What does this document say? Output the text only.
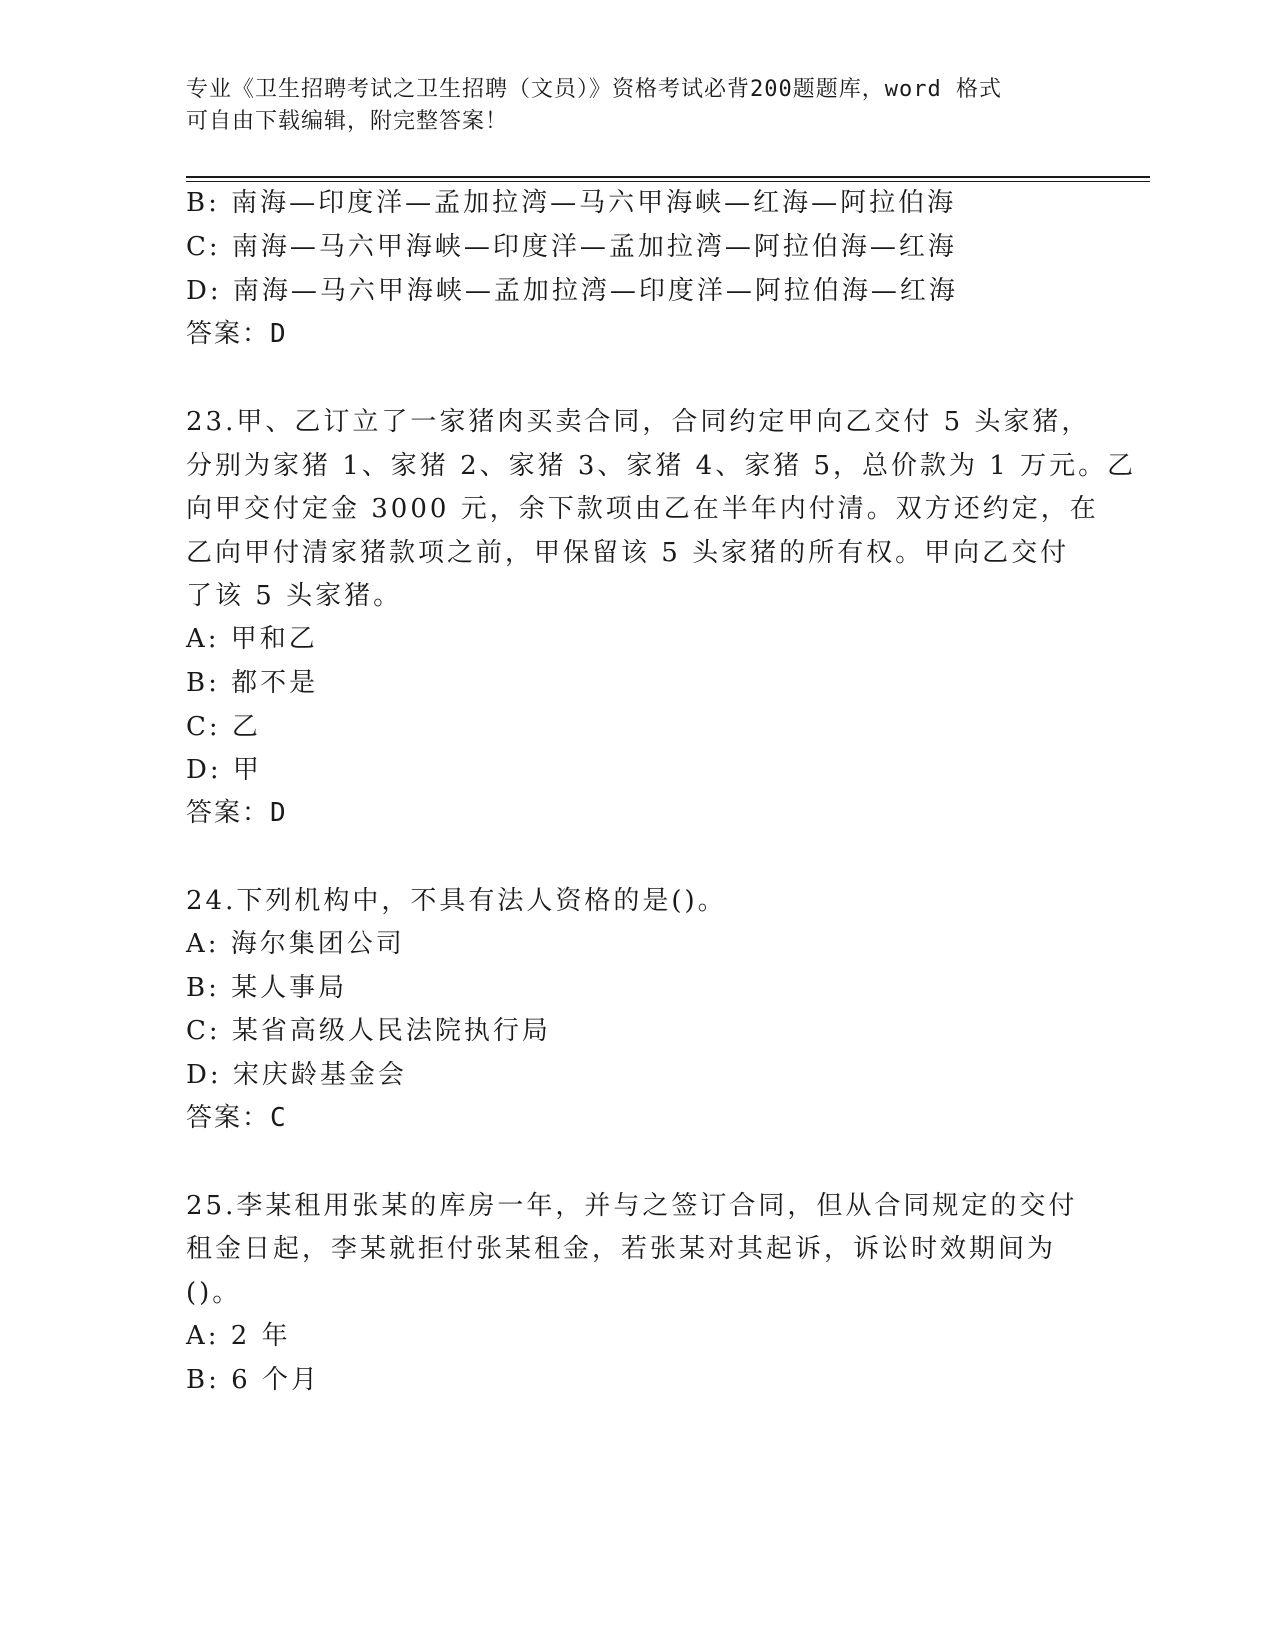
专业《卫生招聘考试之卫生招聘（文员）》资格考试必背200题题库，word 格式
可自由下载编辑，附完整答案！
B: 南海—印度洋—孟加拉湾—马六甲海峡—红海—阿拉伯海
C: 南海—马六甲海峡—印度洋—孟加拉湾—阿拉伯海—红海
D: 南海—马六甲海峡—孟加拉湾—印度洋—阿拉伯海—红海
答案：D
23.甲、乙订立了一家猪肉买卖合同，合同约定甲向乙交付 5 头家猪，
分别为家猪 1、家猪 2、家猪 3、家猪 4、家猪 5，总价款为 1 万元。乙
向甲交付定金 3000 元，余下款项由乙在半年内付清。双方还约定，在
乙向甲付清家猪款项之前，甲保留该 5 头家猪的所有权。甲向乙交付
了该 5 头家猪。
A: 甲和乙
B: 都不是
C: 乙
D: 甲
答案：D
24.下列机构中，不具有法人资格的是()。
A: 海尔集团公司
B: 某人事局
C: 某省高级人民法院执行局
D: 宋庆龄基金会
答案：C
25.李某租用张某的库房一年，并与之签订合同，但从合同规定的交付
租金日起，李某就拒付张某租金，若张某对其起诉，诉讼时效期间为
()。
A: 2 年
B: 6 个月
